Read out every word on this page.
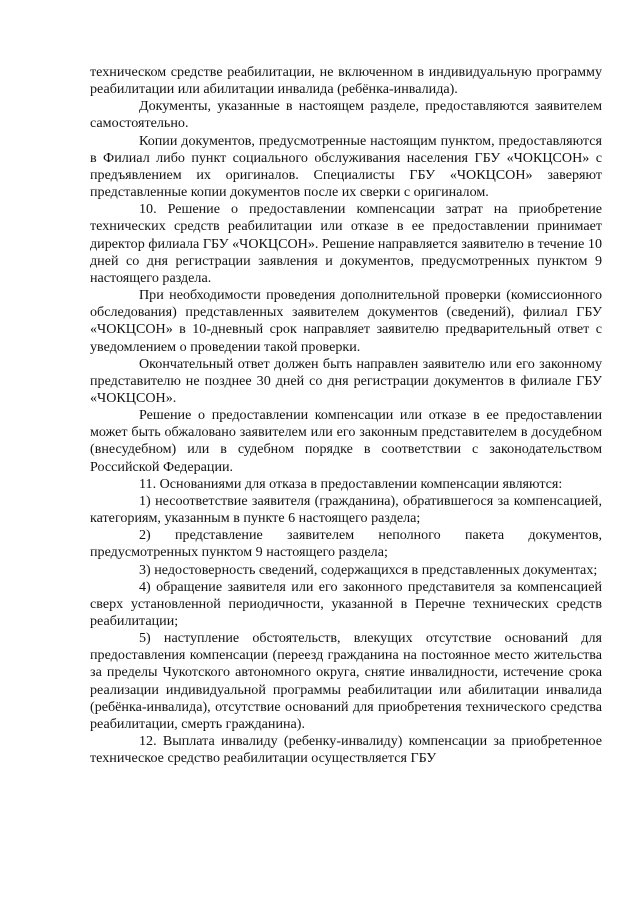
техническом средстве реабилитации, не включенном в индивидуальную программу реабилитации или абилитации инвалида (ребёнка-инвалида).

Документы, указанные в настоящем разделе, предоставляются заявителем самостоятельно.

Копии документов, предусмотренные настоящим пунктом, предоставляются в Филиал либо пункт социального обслуживания населения ГБУ «ЧОКЦСОН» с предъявлением их оригиналов. Специалисты ГБУ «ЧОКЦСОН» заверяют представленные копии документов после их сверки с оригиналом.

10. Решение о предоставлении компенсации затрат на приобретение технических средств реабилитации или отказе в ее предоставлении принимает директор филиала ГБУ «ЧОКЦСОН». Решение направляется заявителю в течение 10 дней со дня регистрации заявления и документов, предусмотренных пунктом 9 настоящего раздела.

При необходимости проведения дополнительной проверки (комиссионного обследования) представленных заявителем документов (сведений), филиал ГБУ «ЧОКЦСОН» в 10-дневный срок направляет заявителю предварительный ответ с уведомлением о проведении такой проверки.

Окончательный ответ должен быть направлен заявителю или его законному представителю не позднее 30 дней со дня регистрации документов в филиале ГБУ «ЧОКЦСОН».

Решение о предоставлении компенсации или отказе в ее предоставлении может быть обжаловано заявителем или его законным представителем в досудебном (внесудебном) или в судебном порядке в соответствии с законодательством Российской Федерации.

11. Основаниями для отказа в предоставлении компенсации являются:

1) несоответствие заявителя (гражданина), обратившегося за компенсацией, категориям, указанным в пункте 6 настоящего раздела;

2) представление заявителем неполного пакета документов, предусмотренных пунктом 9 настоящего раздела;

3) недостоверность сведений, содержащихся в представленных документах;

4) обращение заявителя или его законного представителя за компенсацией сверх установленной периодичности, указанной в Перечне технических средств реабилитации;

5) наступление обстоятельств, влекущих отсутствие оснований для предоставления компенсации (переезд гражданина на постоянное место жительства за пределы Чукотского автономного округа, снятие инвалидности, истечение срока реализации индивидуальной программы реабилитации или абилитации инвалида (ребёнка-инвалида), отсутствие оснований для приобретения технического средства реабилитации, смерть гражданина).

12. Выплата инвалиду (ребенку-инвалиду) компенсации за приобретенное техническое средство реабилитации осуществляется ГБУ
